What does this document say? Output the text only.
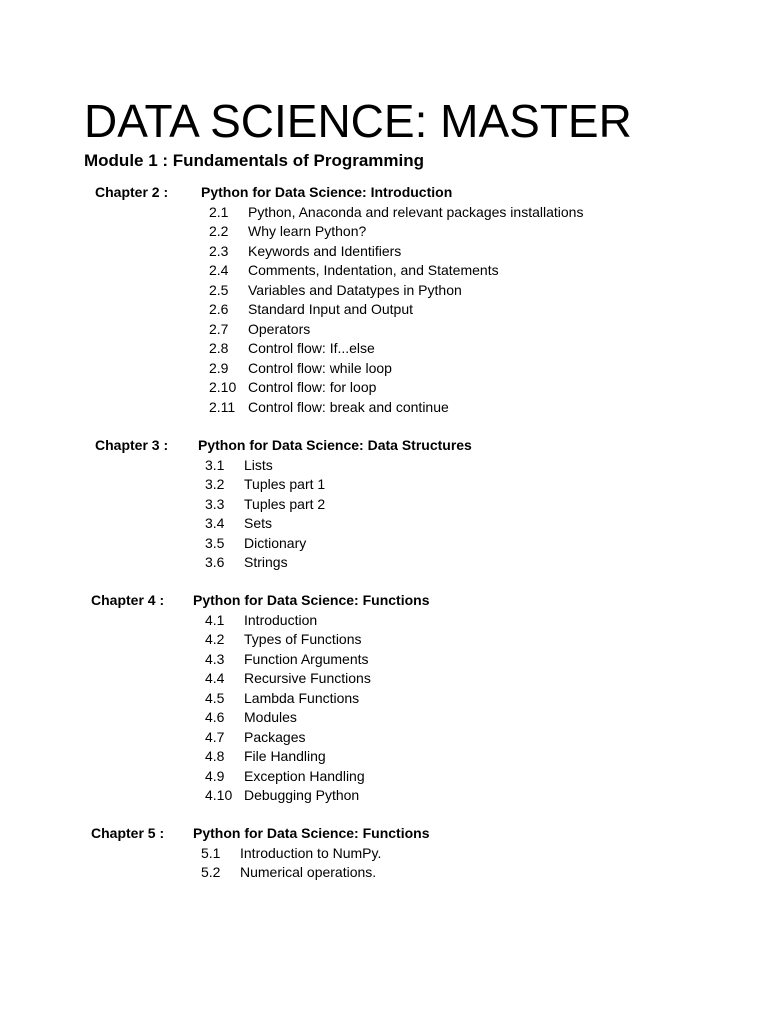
DATA SCIENCE: MASTER
Module 1 : Fundamentals of Programming
Chapter 2 : Python for Data Science: Introduction
2.1 Python, Anaconda and relevant packages installations
2.2 Why learn Python?
2.3 Keywords and Identifiers
2.4 Comments, Indentation, and Statements
2.5 Variables and Datatypes in Python
2.6 Standard Input and Output
2.7 Operators
2.8 Control flow: If...else
2.9 Control flow: while loop
2.10 Control flow: for loop
2.11 Control flow: break and continue
Chapter 3 : Python for Data Science: Data Structures
3.1 Lists
3.2 Tuples part 1
3.3 Tuples part 2
3.4 Sets
3.5 Dictionary
3.6 Strings
Chapter 4 : Python for Data Science: Functions
4.1 Introduction
4.2 Types of Functions
4.3 Function Arguments
4.4 Recursive Functions
4.5 Lambda Functions
4.6 Modules
4.7 Packages
4.8 File Handling
4.9 Exception Handling
4.10 Debugging Python
Chapter 5 : Python for Data Science: Functions
5.1 Introduction to NumPy.
5.2 Numerical operations.
